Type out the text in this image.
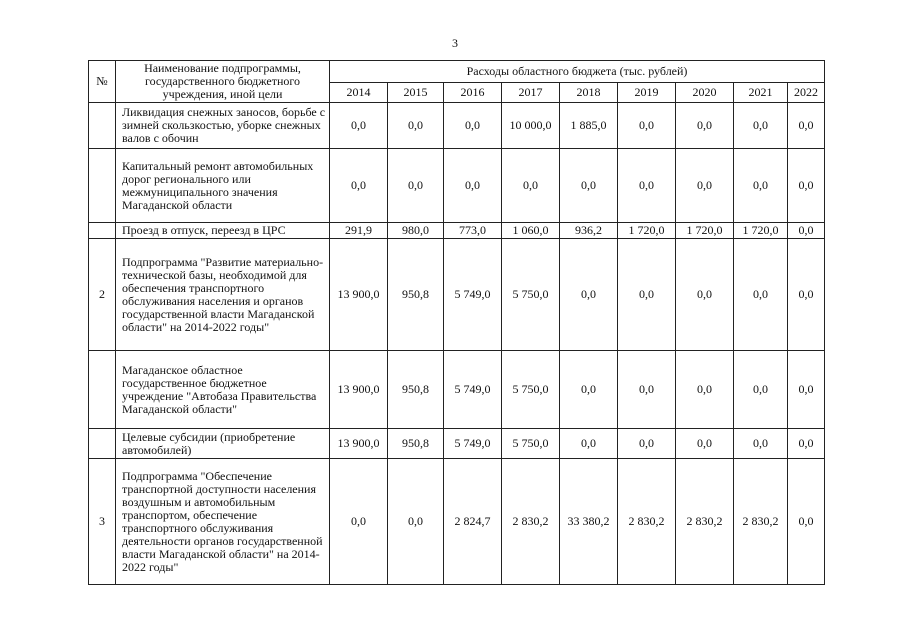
3
№	Наименование подпрограммы, государственного бюджетного учреждения, иной цели	Расходы областного бюджета (тыс. рублей)								
		2014	2015	2016	2017	2018	2019	2020	2021	2022
	Ликвидация снежных заносов, борьбе с зимней скользкостью, уборке снежных валов с обочин	0,0	0,0	0,0	10 000,0	1 885,0	0,0	0,0	0,0	0,0
	Капитальный ремонт автомобильных дорог регионального или межмуниципального значения Магаданской области	0,0	0,0	0,0	0,0	0,0	0,0	0,0	0,0	0,0
	Проезд в отпуск, переезд в ЦРС	291,9	980,0	773,0	1 060,0	936,2	1 720,0	1 720,0	1 720,0	0,0
2	Подпрограмма "Развитие материально-технической базы, необходимой для обеспечения транспортного обслуживания населения и органов государственной власти Магаданской области" на 2014-2022 годы"	13 900,0	950,8	5 749,0	5 750,0	0,0	0,0	0,0	0,0	0,0
	Магаданское областное государственное бюджетное учреждение "Автобаза Правительства Магаданской области"	13 900,0	950,8	5 749,0	5 750,0	0,0	0,0	0,0	0,0	0,0
	Целевые субсидии (приобретение автомобилей)	13 900,0	950,8	5 749,0	5 750,0	0,0	0,0	0,0	0,0	0,0
3	Подпрограмма "Обеспечение транспортной доступности населения воздушным и автомобильным транспортом, обеспечение транспортного обслуживания деятельности органов государственной власти Магаданской области" на 2014-2022 годы"	0,0	0,0	2 824,7	2 830,2	33 380,2	2 830,2	2 830,2	2 830,2	0,0
